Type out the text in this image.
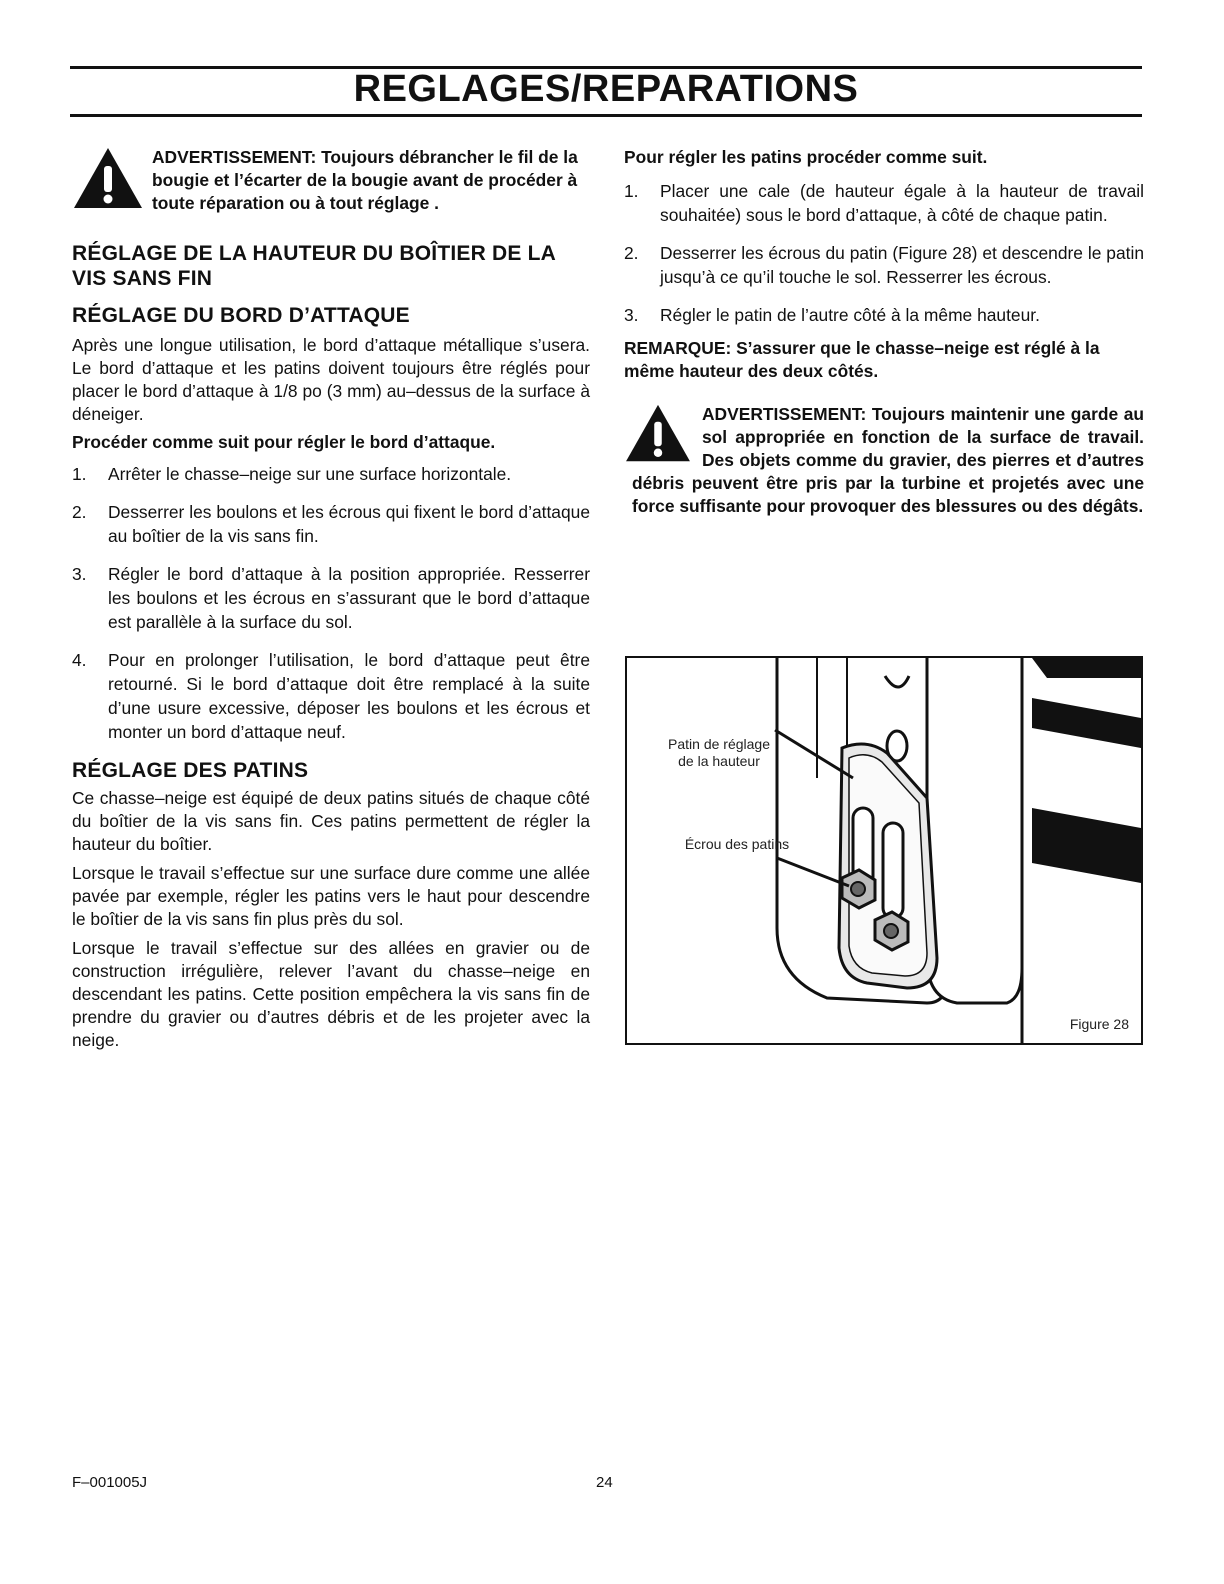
REGLAGES/REPARATIONS
ADVERTISSEMENT: Toujours débrancher le fil de la bougie et l’écarter de la bougie avant de procéder à toute réparation ou à tout réglage .
RÉGLAGE DE LA HAUTEUR DU BOÎTIER DE LA VIS SANS FIN
RÉGLAGE DU BORD D’ATTAQUE

Après une longue utilisation, le bord d’attaque métallique s’usera. Le bord d’attaque et les patins doivent toujours être réglés pour placer le bord d’attaque à 1/8 po (3 mm) au–dessus de la surface à déneiger.

Procéder comme suit pour régler le bord d’attaque.

1.	Arrêter le chasse–neige sur une surface horizontale.
2.	Desserrer les boulons et les écrous qui fixent le bord d’attaque au boîtier de la vis sans fin.
3.	Régler le bord d’attaque à la position appropriée. Resserrer les boulons et les écrous en s’assurant que le bord d’attaque est parallèle à la surface du sol.
4.	Pour en prolonger l’utilisation, le bord d’attaque peut être retourné. Si le bord d’attaque doit être remplacé à la suite d’une usure excessive, déposer les boulons et les écrous et monter un bord d’attaque neuf.
RÉGLAGE DES PATINS

Ce chasse–neige est équipé de deux patins situés de chaque côté du boîtier de la vis sans fin. Ces patins permettent de régler la hauteur du boîtier.

Lorsque le travail s’effectue sur une surface dure comme une allée pavée par exemple, régler les patins vers le haut pour descendre le boîtier de la vis sans fin plus près du sol.

Lorsque le travail s’effectue sur des allées en gravier ou de construction irrégulière, relever l’avant du chasse–neige en descendant les patins. Cette position empêchera la vis sans fin de prendre du gravier ou d’autres débris et de les projeter avec la neige.

Pour régler les patins procéder comme suit.

1.	Placer une cale (de hauteur égale à la hauteur de travail souhaitée) sous le bord d’attaque, à côté de chaque patin.
2.	Desserrer les écrous du patin (Figure 28) et descendre le patin jusqu’à ce qu’il touche le sol. Resserrer les écrous.
3.	Régler le patin de l’autre côté à la même hauteur.

REMARQUE: S’assurer que le chasse–neige est réglé à la même hauteur des deux côtés.

ADVERTISSEMENT: Toujours maintenir une garde au sol appropriée en fonction de la surface de travail. Des objets comme du gravier, des pierres et d’autres débris peuvent être pris par la turbine et projetés avec une force suffisante pour provoquer des blessures ou des dégâts.
Patin de réglage
de la hauteur
Écrou des patins
Figure 28
F–001005J	24
